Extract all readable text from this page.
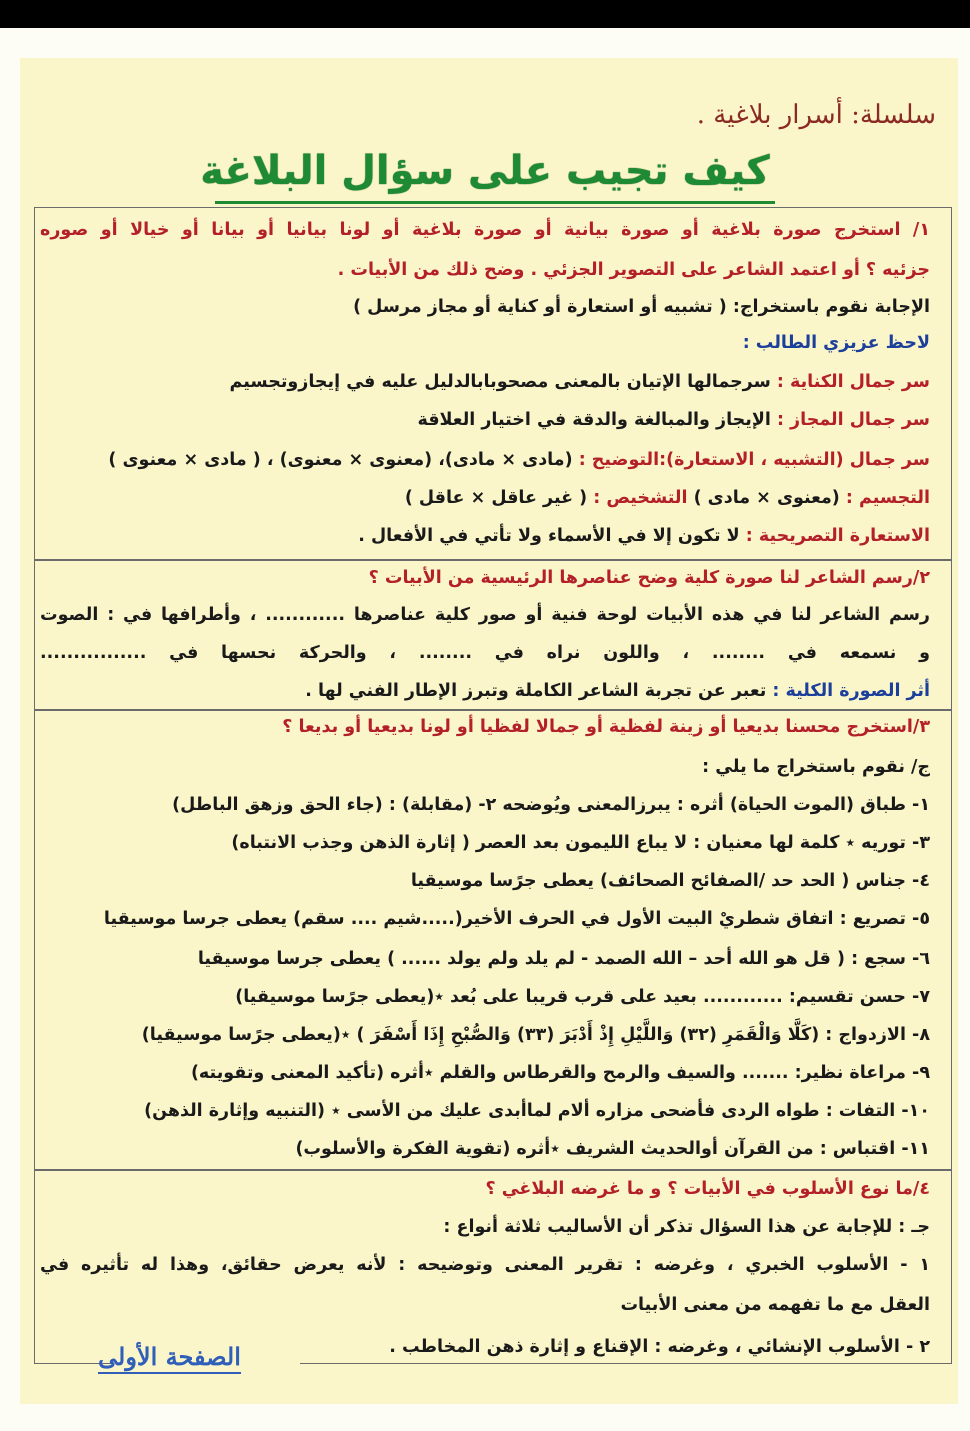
سلسلة: أسرار بلاغية .
كيف تجيب على سؤال البلاغة
١/ استخرج صورة بلاغية أو صورة بيانية أو صورة بلاغية أو لونا بيانيا أو بيانا أو خيالا أو صوره
جزئيه ؟ أو اعتمد الشاعر على التصوير الجزئي . وضح ذلك من الأبيات .
الإجابة نقوم باستخراج: ( تشبيه أو استعارة أو كناية أو مجاز مرسل )
لاحظ عزيزي الطالب :
سر جمال الكناية : سرجمالها الإتيان بالمعنى مصحوبابالدليل عليه في إيجازوتجسيم
سر جمال المجاز : الإيجاز والمبالغة والدقة في اختيار العلاقة
سر جمال (التشبيه ، الاستعارة):التوضيح : (مادى × مادى)، (معنوى × معنوى) ، ( مادى × معنوى )
التجسيم : (معنوى × مادى ) التشخيص : ( غير عاقل × عاقل )
الاستعارة التصريحية : لا تكون إلا في الأسماء ولا تأتي في الأفعال .
٢/رسم الشاعر لنا صورة كلية وضح عناصرها الرئيسية من الأبيات ؟
رسم الشاعر لنا في هذه الأبيات لوحة فنية أو صور كلية عناصرها ............ ، وأطرافها في : الصوت
و نسمعه في ........ ، واللون نراه في ........ ، والحركة نحسها في ................
أثر الصورة الكلية : تعبر عن تجربة الشاعر الكاملة وتبرز الإطار الفني لها .
٣/استخرج محسنا بديعيا أو زينة لفظية أو جمالا لفظيا أو لونا بديعيا أو بديعا ؟
ج/ نقوم باستخراج ما يلي :
١- طباق (الموت الحياة) أثره : يبرزالمعنى ويُوضحه ٢- (مقابلة) : (جاء الحق وزهق الباطل)
٣- توريه ٭ كلمة لها معنيان : لا يباع الليمون بعد العصر ( إثارة الذهن وجذب الانتباه)
٤- جناس ( الحد حد /الصفائح الصحائف) يعطى جرًسا موسيقيا
٥- تصريع : اتفاق شطريْ البيت الأول في الحرف الأخير(.....شيم .... سقم) يعطى جرسا موسيقيا
٦- سجع : ( قل هو الله أحد – الله الصمد - لم يلد ولم يولد ...... ) يعطى جرسا موسيقيا
٧- حسن تقسيم: ............ بعيد على قرب قريبا على بُعد ٭(يعطى جرًسا موسيقيا)
٨- الازدواج : (كَلَّا وَالْقَمَرِ (٣٢) وَاللَّيْلِ إِذْ أَدْبَرَ (٣٣) وَالصُّبْحِ إِذَا أَسْفَرَ ) ٭(يعطى جرًسا موسيقيا)
٩- مراعاة نظير: ....... والسيف والرمح والقرطاس والقلم ٭أثره (تأكيد المعنى وتقويته)
١٠- التفات : طواه الردى فأضحى مزاره ألام لماأبدى عليك من الأسى ٭ (التنبيه وإثارة الذهن)
١١- اقتباس : من القرآن أوالحديث الشريف ٭أثره (تقوية الفكرة والأسلوب)
٤/ما نوع الأسلوب في الأبيات ؟ و ما غرضه البلاغي ؟
جـ : للإجابة عن هذا السؤال تذكر أن الأساليب ثلاثة أنواع :
١ - الأسلوب الخبري ، وغرضه : تقرير المعنى وتوضيحه : لأنه يعرض حقائق، وهذا له تأثيره في
العقل مع ما تفهمه من معنى الأبيات
٢ - الأسلوب الإنشائي ، وغرضه : الإقناع و إثارة ذهن المخاطب .
الصفحة الأولى
